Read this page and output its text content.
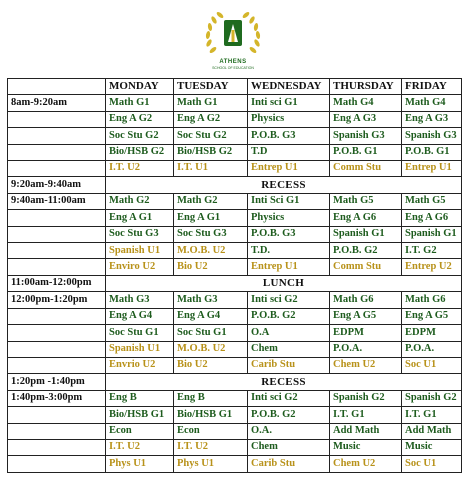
ATHENS
SCHOOL OF EDUCATION
	MONDAY	TUESDAY	WEDNESDAY	THURSDAY	FRIDAY
8am-9:20am	Math G1	Math G1	Inti sci G1	Math G4	Math G4
	Eng A G2	Eng A G2	Physics	Eng A G3	Eng A G3
	Soc Stu G2	Soc Stu G2	P.O.B. G3	Spanish G3	Spanish G3
	Bio/HSB G2	Bio/HSB G2	T.D	P.O.B. G1	P.O.B. G1
	I.T. U2	I.T. U1	Entrep U1	Comm Stu	Entrep U1
9:20am-9:40am	RECESS				
9:40am-11:00am	Math G2	Math G2	Inti Sci G1	Math G5	Math G5
	Eng A G1	Eng A G1	Physics	Eng A G6	Eng A G6
	Soc Stu G3	Soc Stu G3	P.O.B. G3	Spanish G1	Spanish G1
	Spanish U1	M.O.B. U2	T.D.	P.O.B. G2	I.T. G2
	Enviro U2	Bio U2	Entrep U1	Comm Stu	Entrep U2
11:00am-12:00pm	LUNCH				
12:00pm-1:20pm	Math G3	Math G3	Inti sci G2	Math G6	Math G6
	Eng A G4	Eng A G4	P.O.B. G2	Eng A G5	Eng A G5
	Soc Stu G1	Soc Stu G1	O.A	EDPM	EDPM
	Spanish U1	M.O.B. U2	Chem	P.O.A.	P.O.A.
	Envrio U2	Bio U2	Carib Stu	Chem U2	Soc U1
1:20pm -1:40pm	RECESS				
1:40pm-3:00pm	Eng B	Eng B	Inti sci G2	Spanish G2	Spanish G2
	Bio/HSB G1	Bio/HSB G1	P.O.B. G2	I.T. G1	I.T. G1
	Econ	Econ	O.A.	Add Math	Add Math
	I.T. U2	I.T. U2	Chem	Music	Music
	Phys U1	Phys U1	Carib Stu	Chem U2	Soc U1
